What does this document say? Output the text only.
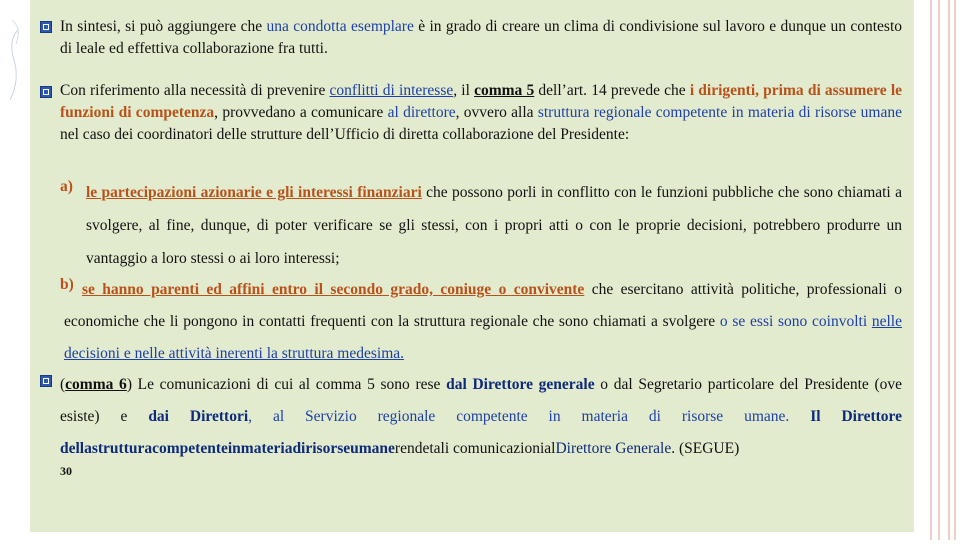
In sintesi, si può aggiungere che una condotta esemplare è in grado di creare un clima di condivisione sul lavoro e dunque un contesto di leale ed effettiva collaborazione fra tutti.
Con riferimento alla necessità di prevenire conflitti di interesse, il comma 5 dell’art. 14 prevede che i dirigenti, prima di assumere le funzioni di competenza, provvedano a comunicare al direttore, ovvero alla struttura regionale competente in materia di risorse umane nel caso dei coordinatori delle strutture dell’Ufficio di diretta collaborazione del Presidente:
a) le partecipazioni azionarie e gli interessi finanziari che possono porli in conflitto con le funzioni pubbliche che sono chiamati a svolgere, al fine, dunque, di poter verificare se gli stessi, con i propri atti o con le proprie decisioni, potrebbero produrre un vantaggio a loro stessi o ai loro interessi;
b) se hanno parenti ed affini entro il secondo grado, coniuge o convivente che esercitano attività politiche, professionali o economiche che li pongono in contatti frequenti con la struttura regionale che sono chiamati a svolgere o se essi sono coinvolti nelle decisioni e nelle attività inerenti la struttura medesima.
(comma 6) Le comunicazioni di cui al comma 5 sono rese dal Direttore generale o dal Segretario particolare del Presidente (ove esiste) e dai Direttori, al Servizio regionale competente in materia di risorse umane. Il Direttore dellastrutturacompetenteinmateriadirisorseumanerendetali comunicazionialDirettore Generale. (SEGUE)
30
